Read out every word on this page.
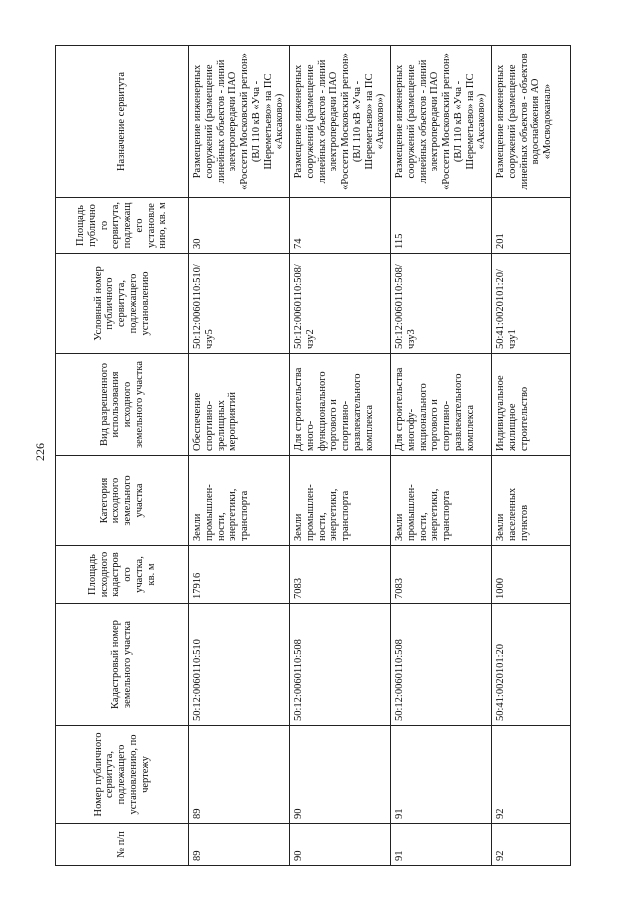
226
№ п/п	Номер публичного сервитута, подлежащего установлению, по чертежу	Кадастровый номер земельного участка	Площадь исходного кадастрового участка, кв. м	Категория исходного земельного участка	Вид разрешенного использования исходного земельного участка	Условный номер публичного сервитута, подлежащего установлению	Площадь публичного сервитута, подлежащего установлению, кв. м	Назначение сервитута
89	89	50:12:0060110:510	17916	Земли промышлен-ности, энергетики, транспорта	Обеспечение спортивно-зрелищных мероприятий	50:12:0060110:510/чзу5	30	Размещение инженерных сооружений (размещение линейных объектов - линий электропередачи ПАО «Россети Московский регион» (ВЛ 110 кВ «Уча - Шереметьево» на ПС «Аксаково»)
90	90	50:12:0060110:508	7083	Земли промышлен-ности, энергетики, транспорта	Для строительства много-функционального торгового и спортивно-развлекательного комплекса	50:12:0060110:508/чзу2	74	Размещение инженерных сооружений (размещение линейных объектов - линий электропередачи ПАО «Россети Московский регион» (ВЛ 110 кВ «Уча - Шереметьево» на ПС «Аксаково»)
91	91	50:12:0060110:508	7083	Земли промышлен-ности, энергетики, транспорта	Для строительства многофу-нкционального торгового и спортивно-развлекательного комплекса	50:12:0060110:508/чзу3	115	Размещение инженерных сооружений (размещение линейных объектов - линий электропередачи ПАО «Россети Московский регион» (ВЛ 110 кВ «Уча - Шереметьево» на ПС «Аксаково»)
92	92	50:41:0020101:20	1000	Земли населенных пунктов	Индивидуальное жилищное строительство	50:41:0020101:20/чзу1	201	Размещение инженерных сооружений (размещение линейных объектов - объектов водоснабжения АО «Мосводоканал»
